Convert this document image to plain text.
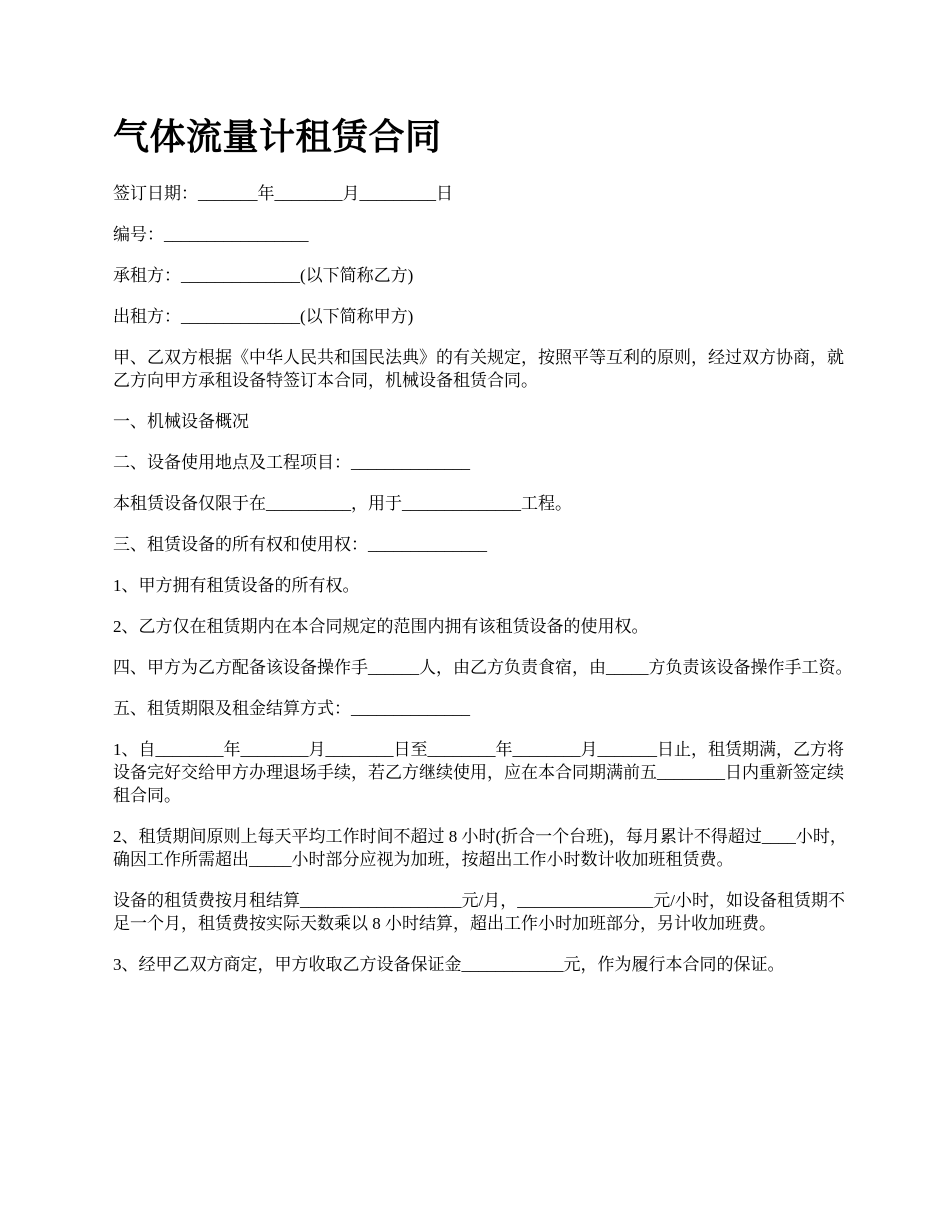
气体流量计租赁合同

签订日期：_______年________月_________日

编号：_________________

承租方：______________(以下简称乙方)

出租方：______________(以下简称甲方)

甲、乙双方根据《中华人民共和国民法典》的有关规定，按照平等互利的原则，经过双方协商，就乙方向甲方承租设备特签订本合同，机械设备租赁合同。

一、机械设备概况

二、设备使用地点及工程项目：______________

本租赁设备仅限于在__________，用于______________工程。

三、租赁设备的所有权和使用权：______________

1、甲方拥有租赁设备的所有权。

2、乙方仅在租赁期内在本合同规定的范围内拥有该租赁设备的使用权。

四、甲方为乙方配备该设备操作手______人，由乙方负责食宿，由_____方负责该设备操作手工资。

五、租赁期限及租金结算方式：______________

1、自________年________月________日至________年________月_______日止，租赁期满，乙方将设备完好交给甲方办理退场手续，若乙方继续使用，应在本合同期满前五________日内重新签定续租合同。

2、租赁期间原则上每天平均工作时间不超过 8 小时(折合一个台班)，每月累计不得超过____小时，确因工作所需超出_____小时部分应视为加班，按超出工作小时数计收加班租赁费。

设备的租赁费按月租结算___________________元/月，________________元/小时，如设备租赁期不足一个月，租赁费按实际天数乘以 8 小时结算，超出工作小时加班部分，另计收加班费。

3、经甲乙双方商定，甲方收取乙方设备保证金____________元，作为履行本合同的保证。
